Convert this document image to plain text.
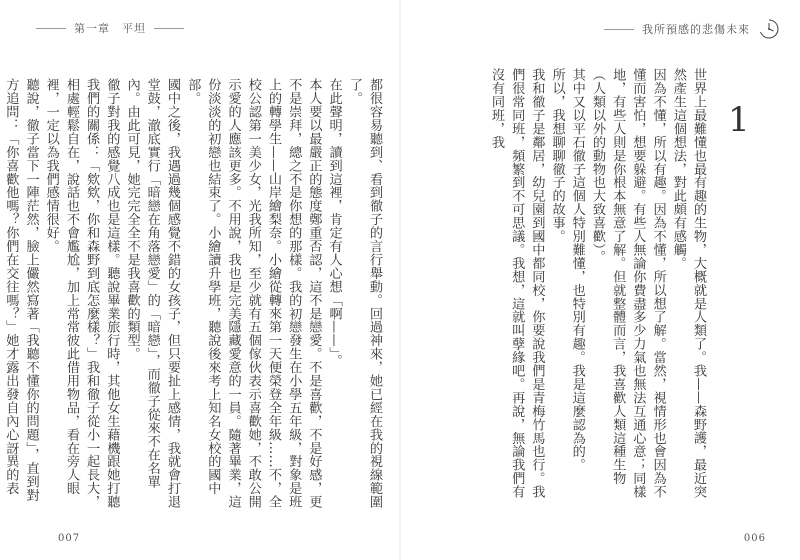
第一章　平坦	我所預感的悲傷未來
1

世界上最難懂也最有趣的生物，大概就是人類了。我——森野護，最近突然產生這個想法，對此頗有感觸。

因為不懂，所以有趣。因為不懂，所以想了解。當然，視情形也會因為不懂而害怕，想要躲避。有些人無論你費盡多少力氣也無法互通心意；同樣地，有些人則是你根本無意了解。但就整體而言，我喜歡人類這種生物（人類以外的動物也大致喜歡）。

其中又以平石徹子這個人特別難懂，也特別有趣。我是這麼認為的。

所以，我想聊聊徹子的故事。

我和徹子是鄰居，幼兒園到國中都同校，你要說我們是青梅竹馬也行。我們很常同班，頻繁到不可思議。我想，這就叫孽緣吧。再說，無論我們有沒有同班，我

都很容易聽到、看到徹子的言行舉動。回過神來，她已經在我的視線範圍了。

在此聲明，讀到這裡，肯定有人心想「啊——」。

本人要以最嚴正的態度鄭重否認，這不是戀愛。不是喜歡，不是好感，更不是崇拜，總之不是你想的那樣。我的初戀發生在小學五年級，對象是班上的轉學生——山岸繪梨奈。小繪從轉來第一天便榮登全年級……不，全校公認第一美少女，光我所知，至少就有五個傢伙表示喜歡她，不敢公開示愛的人應該更多。不用說，我也是完美隱藏愛意的一員。隨著畢業，這份淡淡的初戀也結束了。小繪讀升學班，聽說後來考上知名女校的國中部。

國中之後，我遇過幾個感覺不錯的女孩子，但只要扯上感情，我就會打退堂鼓，澈底實行「暗戀在角落戀愛」的「暗戀」，而徹子從來不在名單內。由此可見，她完完全全不是我喜歡的類型。

徹子對我的感覺八成也是這樣。聽說畢業旅行時，其他女生藉機跟她打聽我們的關係：「欸欸，你和森野到底怎麼樣？」我和徹子從小一起長大，相處輕鬆自在，說話也不會尷尬，加上常常彼此借用物品，看在旁人眼裡，一定以為我們感情很好。

聽說，徹子當下一陣茫然，臉上儼然寫著「我聽不懂你的問題」，直到對方追問：「你喜歡他嗎？你們在交往嗎？」她才露出發自內心訝異的表

007	006
